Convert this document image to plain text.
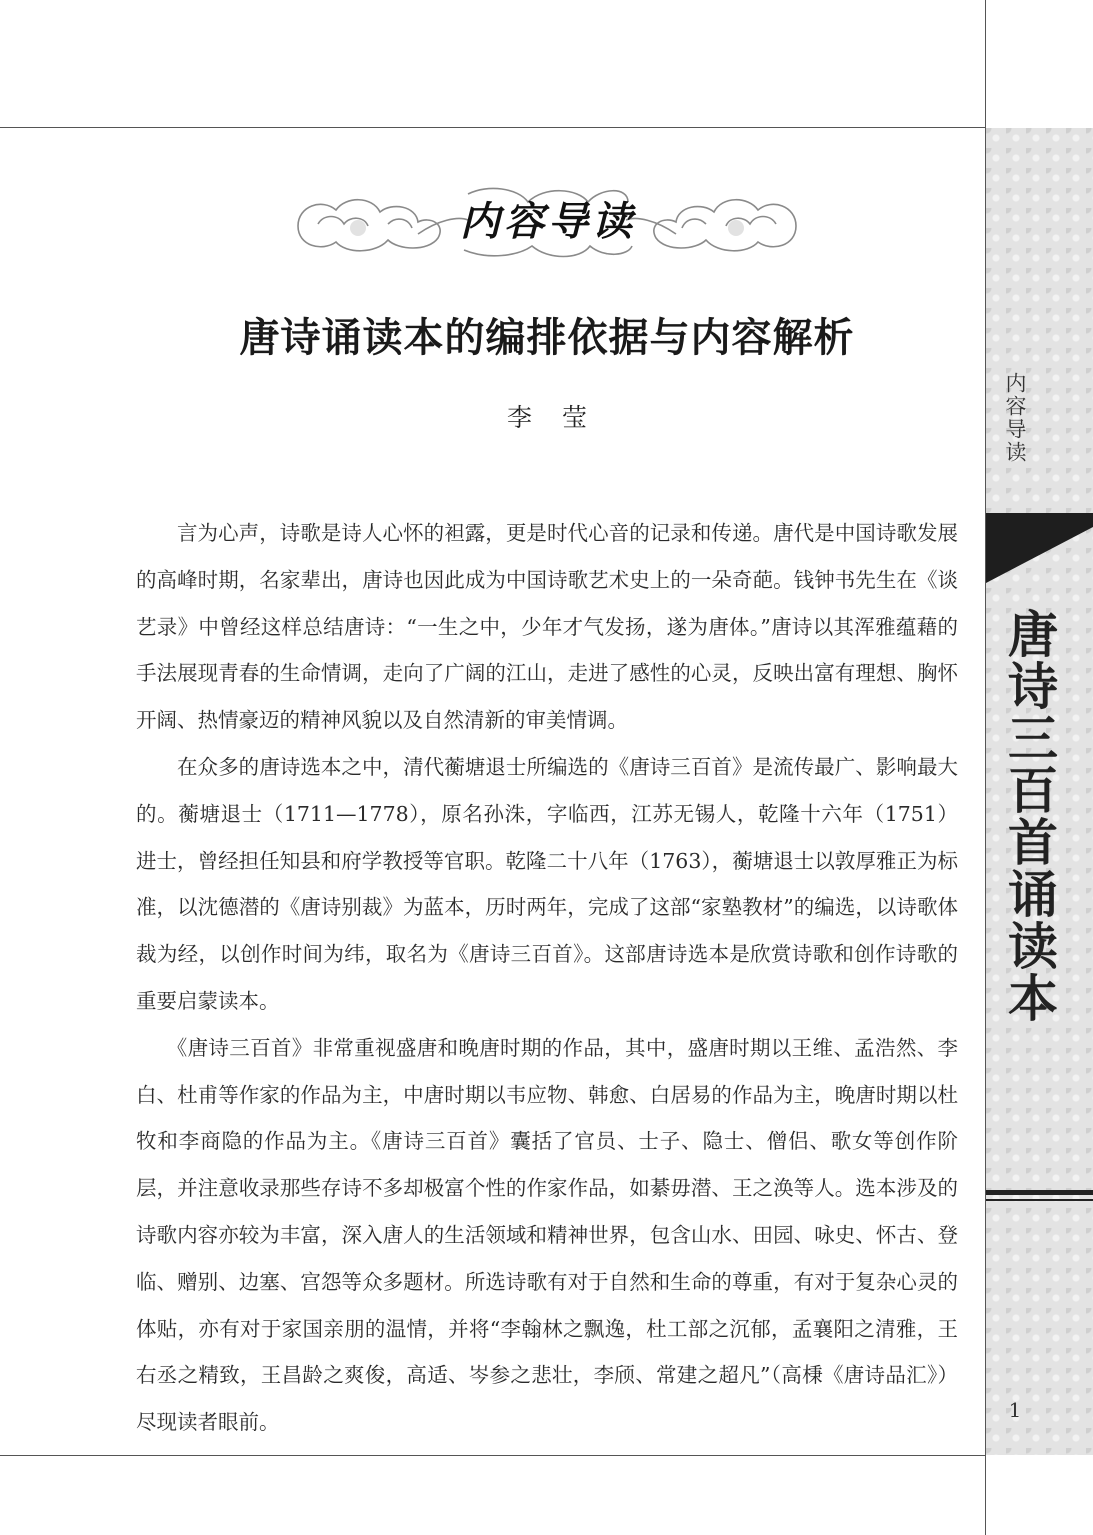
内容导读
唐诗三百首诵读本
1
内容导读
唐诗诵读本的编排依据与内容解析
李莹

言为心声，诗歌是诗人心怀的袒露，更是时代心音的记录和传递。唐代是中国诗歌发展的高峰时期，名家辈出，唐诗也因此成为中国诗歌艺术史上的一朵奇葩。钱钟书先生在《谈艺录》中曾经这样总结唐诗：“一生之中，少年才气发扬，遂为唐体。”唐诗以其浑雅蕴藉的手法展现青春的生命情调，走向了广阔的江山，走进了感性的心灵，反映出富有理想、胸怀开阔、热情豪迈的精神风貌以及自然清新的审美情调。

在众多的唐诗选本之中，清代蘅塘退士所编选的《唐诗三百首》是流传最广、影响最大的。蘅塘退士（1711—1778），原名孙洙，字临西，江苏无锡人，乾隆十六年（1751）进士，曾经担任知县和府学教授等官职。乾隆二十八年（1763），蘅塘退士以敦厚雅正为标准，以沈德潜的《唐诗别裁》为蓝本，历时两年，完成了这部“家塾教材”的编选，以诗歌体裁为经，以创作时间为纬，取名为《唐诗三百首》。这部唐诗选本是欣赏诗歌和创作诗歌的重要启蒙读本。

《唐诗三百首》非常重视盛唐和晚唐时期的作品，其中，盛唐时期以王维、孟浩然、李白、杜甫等作家的作品为主，中唐时期以韦应物、韩愈、白居易的作品为主，晚唐时期以杜牧和李商隐的作品为主。《唐诗三百首》囊括了官员、士子、隐士、僧侣、歌女等创作阶层，并注意收录那些存诗不多却极富个性的作家作品，如綦毋潜、王之涣等人。选本涉及的诗歌内容亦较为丰富，深入唐人的生活领域和精神世界，包含山水、田园、咏史、怀古、登临、赠别、边塞、宫怨等众多题材。所选诗歌有对于自然和生命的尊重，有对于复杂心灵的体贴，亦有对于家国亲朋的温情，并将“李翰林之飘逸，杜工部之沉郁，孟襄阳之清雅，王右丞之精致，王昌龄之爽俊，高适、岑参之悲壮，李颀、常建之超凡”（高棅《唐诗品汇》）尽现读者眼前。
